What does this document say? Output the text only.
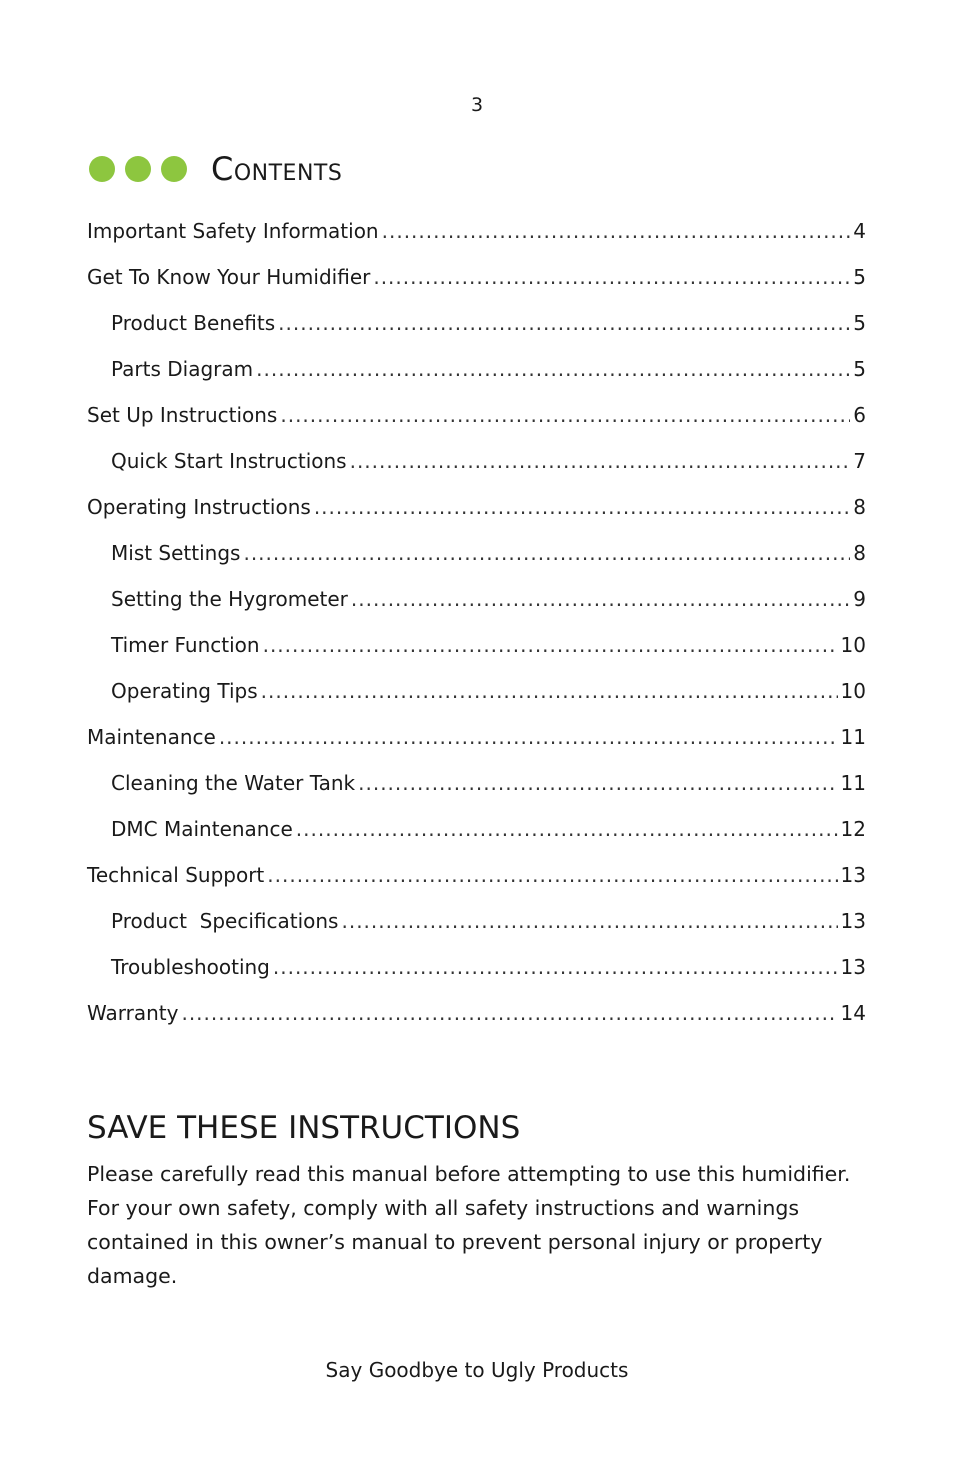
3
Contents
Important Safety Information .....	4
Get To Know Your Humidifier .....	5
Product Benefits .....	5
Parts Diagram .....	5
Set Up Instructions .....	6
Quick Start Instructions .....	7
Operating Instructions .....	8
Mist Settings .....	8
Setting the Hygrometer .....	9
Timer Function .....	10
Operating Tips .....	10
Maintenance .....	11
Cleaning the Water Tank .....	11
DMC Maintenance .....	12
Technical Support .....	13
Product  Specifications .....	13
Troubleshooting .....	13
Warranty .....	14
SAVE THESE INSTRUCTIONS

Please carefully read this manual before attempting to use this humidifier. For your own safety, comply with all safety instructions and warnings contained in this owner’s manual to prevent personal injury or property damage.

Say Goodbye to Ugly Products
